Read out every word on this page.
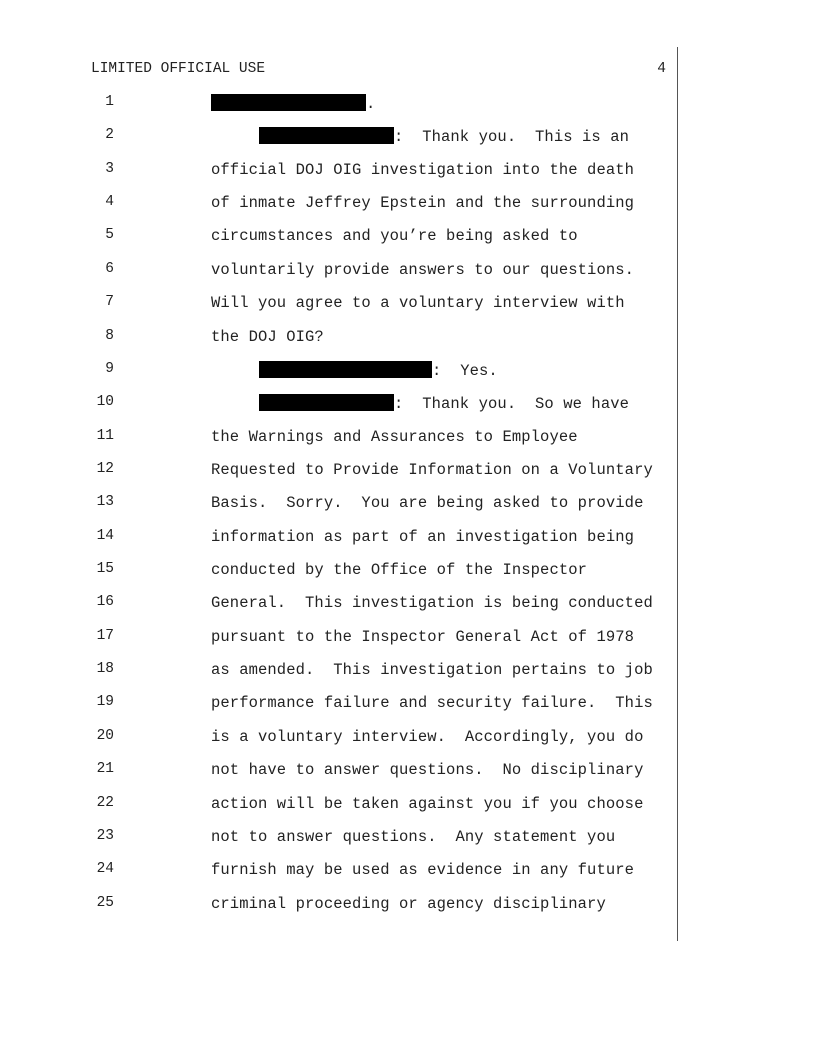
LIMITED OFFICIAL USE	4
1	.
2	:  Thank you.  This is an
3	official DOJ OIG investigation into the death
4	of inmate Jeffrey Epstein and the surrounding
5	circumstances and you’re being asked to
6	voluntarily provide answers to our questions.
7	Will you agree to a voluntary interview with
8	the DOJ OIG?
9	:  Yes.
10	:  Thank you.  So we have
11	the Warnings and Assurances to Employee
12	Requested to Provide Information on a Voluntary
13	Basis.  Sorry.  You are being asked to provide
14	information as part of an investigation being
15	conducted by the Office of the Inspector
16	General.  This investigation is being conducted
17	pursuant to the Inspector General Act of 1978
18	as amended.  This investigation pertains to job
19	performance failure and security failure.  This
20	is a voluntary interview.  Accordingly, you do
21	not have to answer questions.  No disciplinary
22	action will be taken against you if you choose
23	not to answer questions.  Any statement you
24	furnish may be used as evidence in any future
25	criminal proceeding or agency disciplinary
